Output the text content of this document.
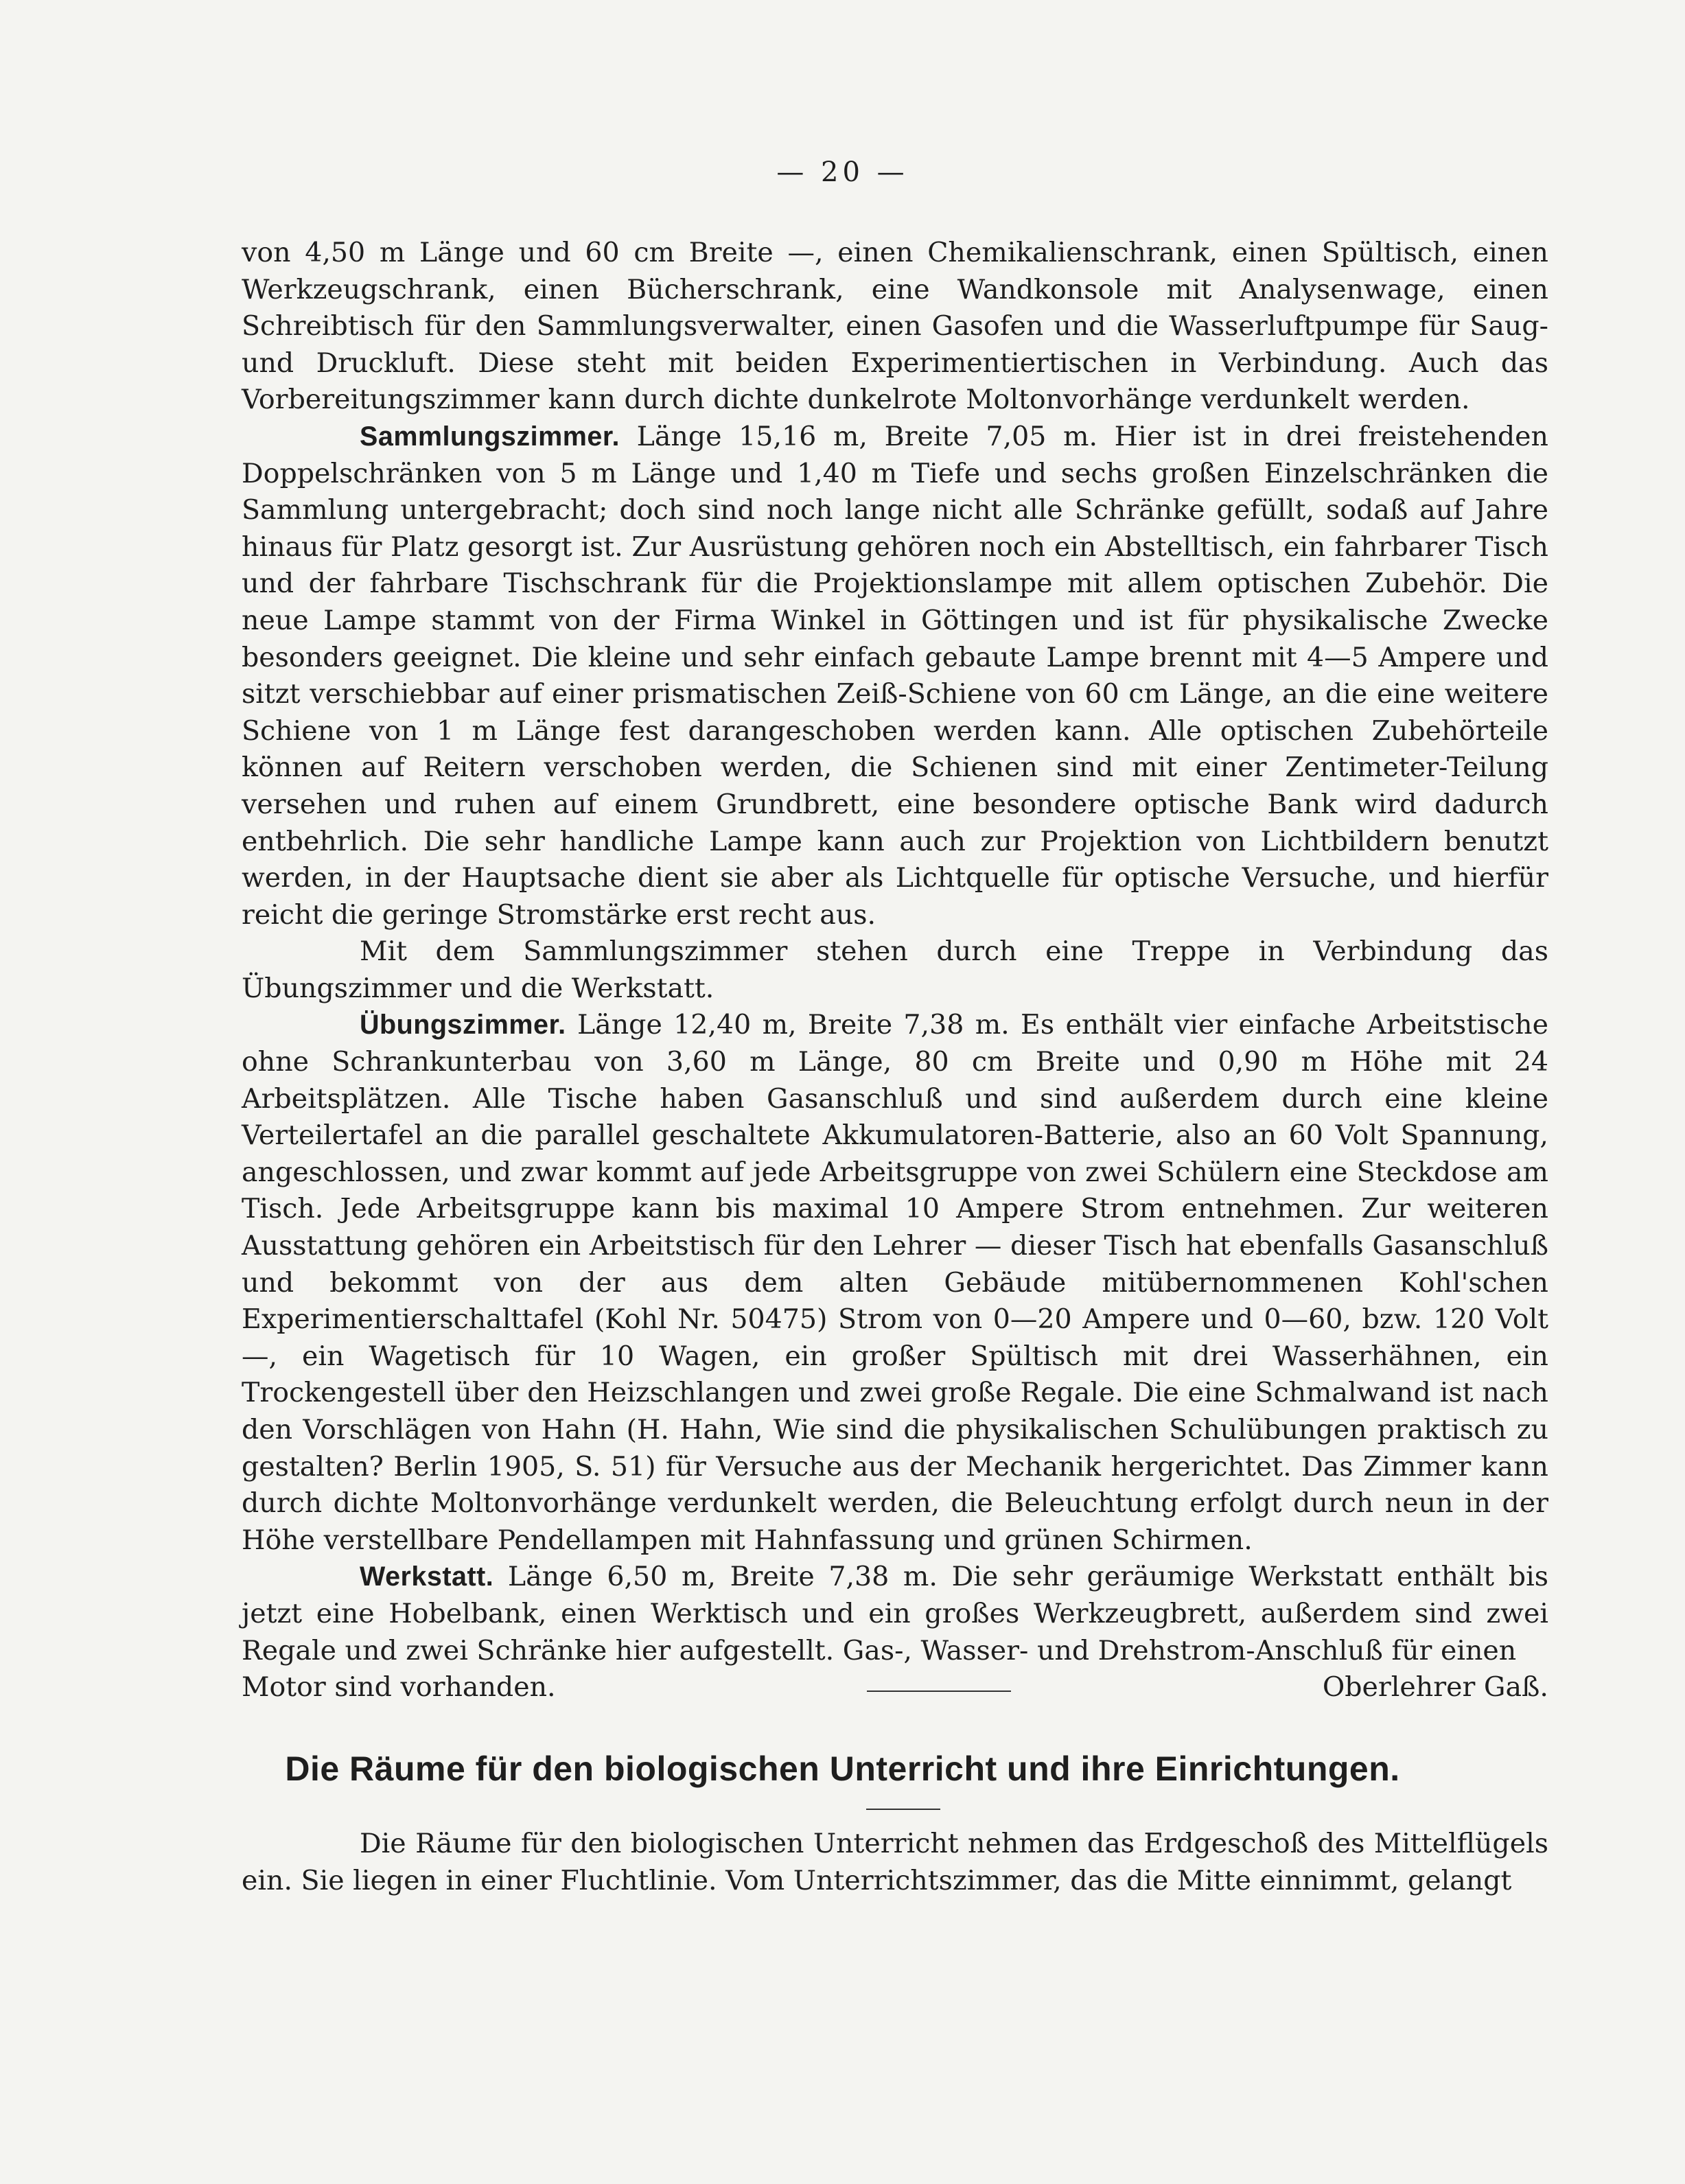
— 20 —

von 4,50 m Länge und 60 cm Breite —, einen Chemikalienschrank, einen Spültisch, einen Werkzeugschrank, einen Bücherschrank, eine Wandkonsole mit Analysenwage, einen Schreibtisch für den Sammlungsverwalter, einen Gasofen und die Wasserluftpumpe für Saug- und Druckluft. Diese steht mit beiden Experimentiertischen in Verbindung. Auch das Vorbereitungszimmer kann durch dichte dunkelrote Moltonvorhänge verdunkelt werden.

Sammlungszimmer. Länge 15,16 m, Breite 7,05 m. Hier ist in drei freistehenden Doppelschränken von 5 m Länge und 1,40 m Tiefe und sechs großen Einzelschränken die Sammlung untergebracht; doch sind noch lange nicht alle Schränke gefüllt, sodaß auf Jahre hinaus für Platz gesorgt ist. Zur Ausrüstung gehören noch ein Abstelltisch, ein fahrbarer Tisch und der fahrbare Tischschrank für die Projektionslampe mit allem optischen Zubehör. Die neue Lampe stammt von der Firma Winkel in Göttingen und ist für physikalische Zwecke besonders geeignet. Die kleine und sehr einfach gebaute Lampe brennt mit 4—5 Ampere und sitzt verschiebbar auf einer prismatischen Zeiß-Schiene von 60 cm Länge, an die eine weitere Schiene von 1 m Länge fest darangeschoben werden kann. Alle optischen Zubehörteile können auf Reitern verschoben werden, die Schienen sind mit einer Zentimeter-Teilung versehen und ruhen auf einem Grundbrett, eine besondere optische Bank wird dadurch entbehrlich. Die sehr handliche Lampe kann auch zur Projektion von Lichtbildern benutzt werden, in der Hauptsache dient sie aber als Lichtquelle für optische Versuche, und hierfür reicht die geringe Stromstärke erst recht aus.

Mit dem Sammlungszimmer stehen durch eine Treppe in Verbindung das Übungszimmer und die Werkstatt.

Übungszimmer. Länge 12,40 m, Breite 7,38 m. Es enthält vier einfache Arbeitstische ohne Schrankunterbau von 3,60 m Länge, 80 cm Breite und 0,90 m Höhe mit 24 Arbeitsplätzen. Alle Tische haben Gasanschluß und sind außerdem durch eine kleine Verteilertafel an die parallel geschaltete Akkumulatoren-Batterie, also an 60 Volt Spannung, angeschlossen, und zwar kommt auf jede Arbeitsgruppe von zwei Schülern eine Steckdose am Tisch. Jede Arbeitsgruppe kann bis maximal 10 Ampere Strom entnehmen. Zur weiteren Ausstattung gehören ein Arbeitstisch für den Lehrer — dieser Tisch hat ebenfalls Gasanschluß und bekommt von der aus dem alten Gebäude mitübernommenen Kohl'schen Experimentierschalttafel (Kohl Nr. 50475) Strom von 0—20 Ampere und 0—60, bzw. 120 Volt —, ein Wagetisch für 10 Wagen, ein großer Spültisch mit drei Wasserhähnen, ein Trockengestell über den Heizschlangen und zwei große Regale. Die eine Schmalwand ist nach den Vorschlägen von Hahn (H. Hahn, Wie sind die physikalischen Schulübungen praktisch zu gestalten? Berlin 1905, S. 51) für Versuche aus der Mechanik hergerichtet. Das Zimmer kann durch dichte Moltonvorhänge verdunkelt werden, die Beleuchtung erfolgt durch neun in der Höhe verstellbare Pendellampen mit Hahnfassung und grünen Schirmen.

Werkstatt. Länge 6,50 m, Breite 7,38 m. Die sehr geräumige Werkstatt enthält bis jetzt eine Hobelbank, einen Werktisch und ein großes Werkzeugbrett, außerdem sind zwei Regale und zwei Schränke hier aufgestellt. Gas-, Wasser- und Drehstrom-Anschluß für einen

Motor sind vorhanden.	Oberlehrer Gaß.
Die Räume für den biologischen Unterricht und ihre Einrichtungen.

Die Räume für den biologischen Unterricht nehmen das Erdgeschoß des Mittelflügels ein. Sie liegen in einer Fluchtlinie. Vom Unterrichtszimmer, das die Mitte einnimmt, gelangt
